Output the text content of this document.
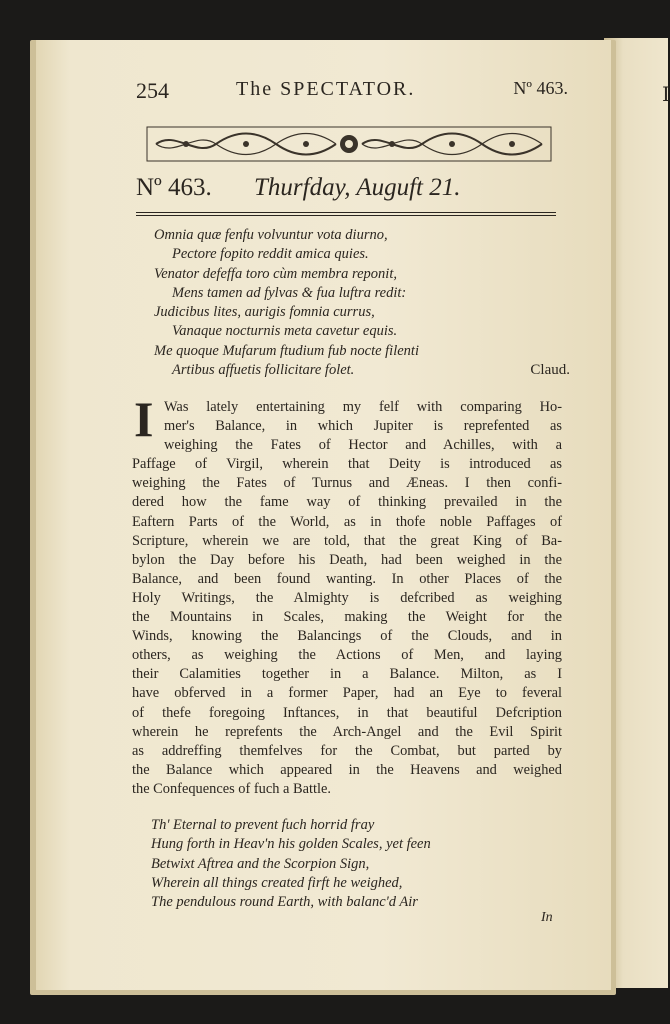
I
254	The SPECTATOR.	Nº 463.
Nº 463. Thurfday, Auguft 21.
Omnia quæ fenfu volvuntur vota diurno,
Pectore fopito reddit amica quies.
Venator defeffa toro cùm membra reponit,
Mens tamen ad fylvas & fua luftra redit:
Judicibus lites, aurigis fomnia currus,
Vanaque nocturnis meta cavetur equis.
Me quoque Mufarum ftudium fub nocte filenti
Artibus affuetis follicitare folet.	Claud.
I Was lately entertaining my felf with comparing Ho-
mer's Balance, in which Jupiter is reprefented as
weighing the Fates of Hector and Achilles, with a
Paffage of Virgil, wherein that Deity is introduced as
weighing the Fates of Turnus and Æneas. I then confi-
dered how the fame way of thinking prevailed in the
Eaftern Parts of the World, as in thofe noble Paffages of
Scripture, wherein we are told, that the great King of Ba-
bylon the Day before his Death, had been weighed in the
Balance, and been found wanting. In other Places of the
Holy Writings, the Almighty is defcribed as weighing
the Mountains in Scales, making the Weight for the
Winds, knowing the Balancings of the Clouds, and in
others, as weighing the Actions of Men, and laying
their Calamities together in a Balance. Milton, as I
have obferved in a former Paper, had an Eye to feveral
of thefe foregoing Inftances, in that beautiful Defcription
wherein he reprefents the Arch-Angel and the Evil Spirit
as addreffing themfelves for the Combat, but parted by
the Balance which appeared in the Heavens and weighed
the Confequences of fuch a Battle.
Th' Eternal to prevent fuch horrid fray
Hung forth in Heav'n his golden Scales, yet feen
Betwixt Aftrea and the Scorpion Sign,
Wherein all things created firft he weighed,
The pendulous round Earth, with balanc'd Air
In
